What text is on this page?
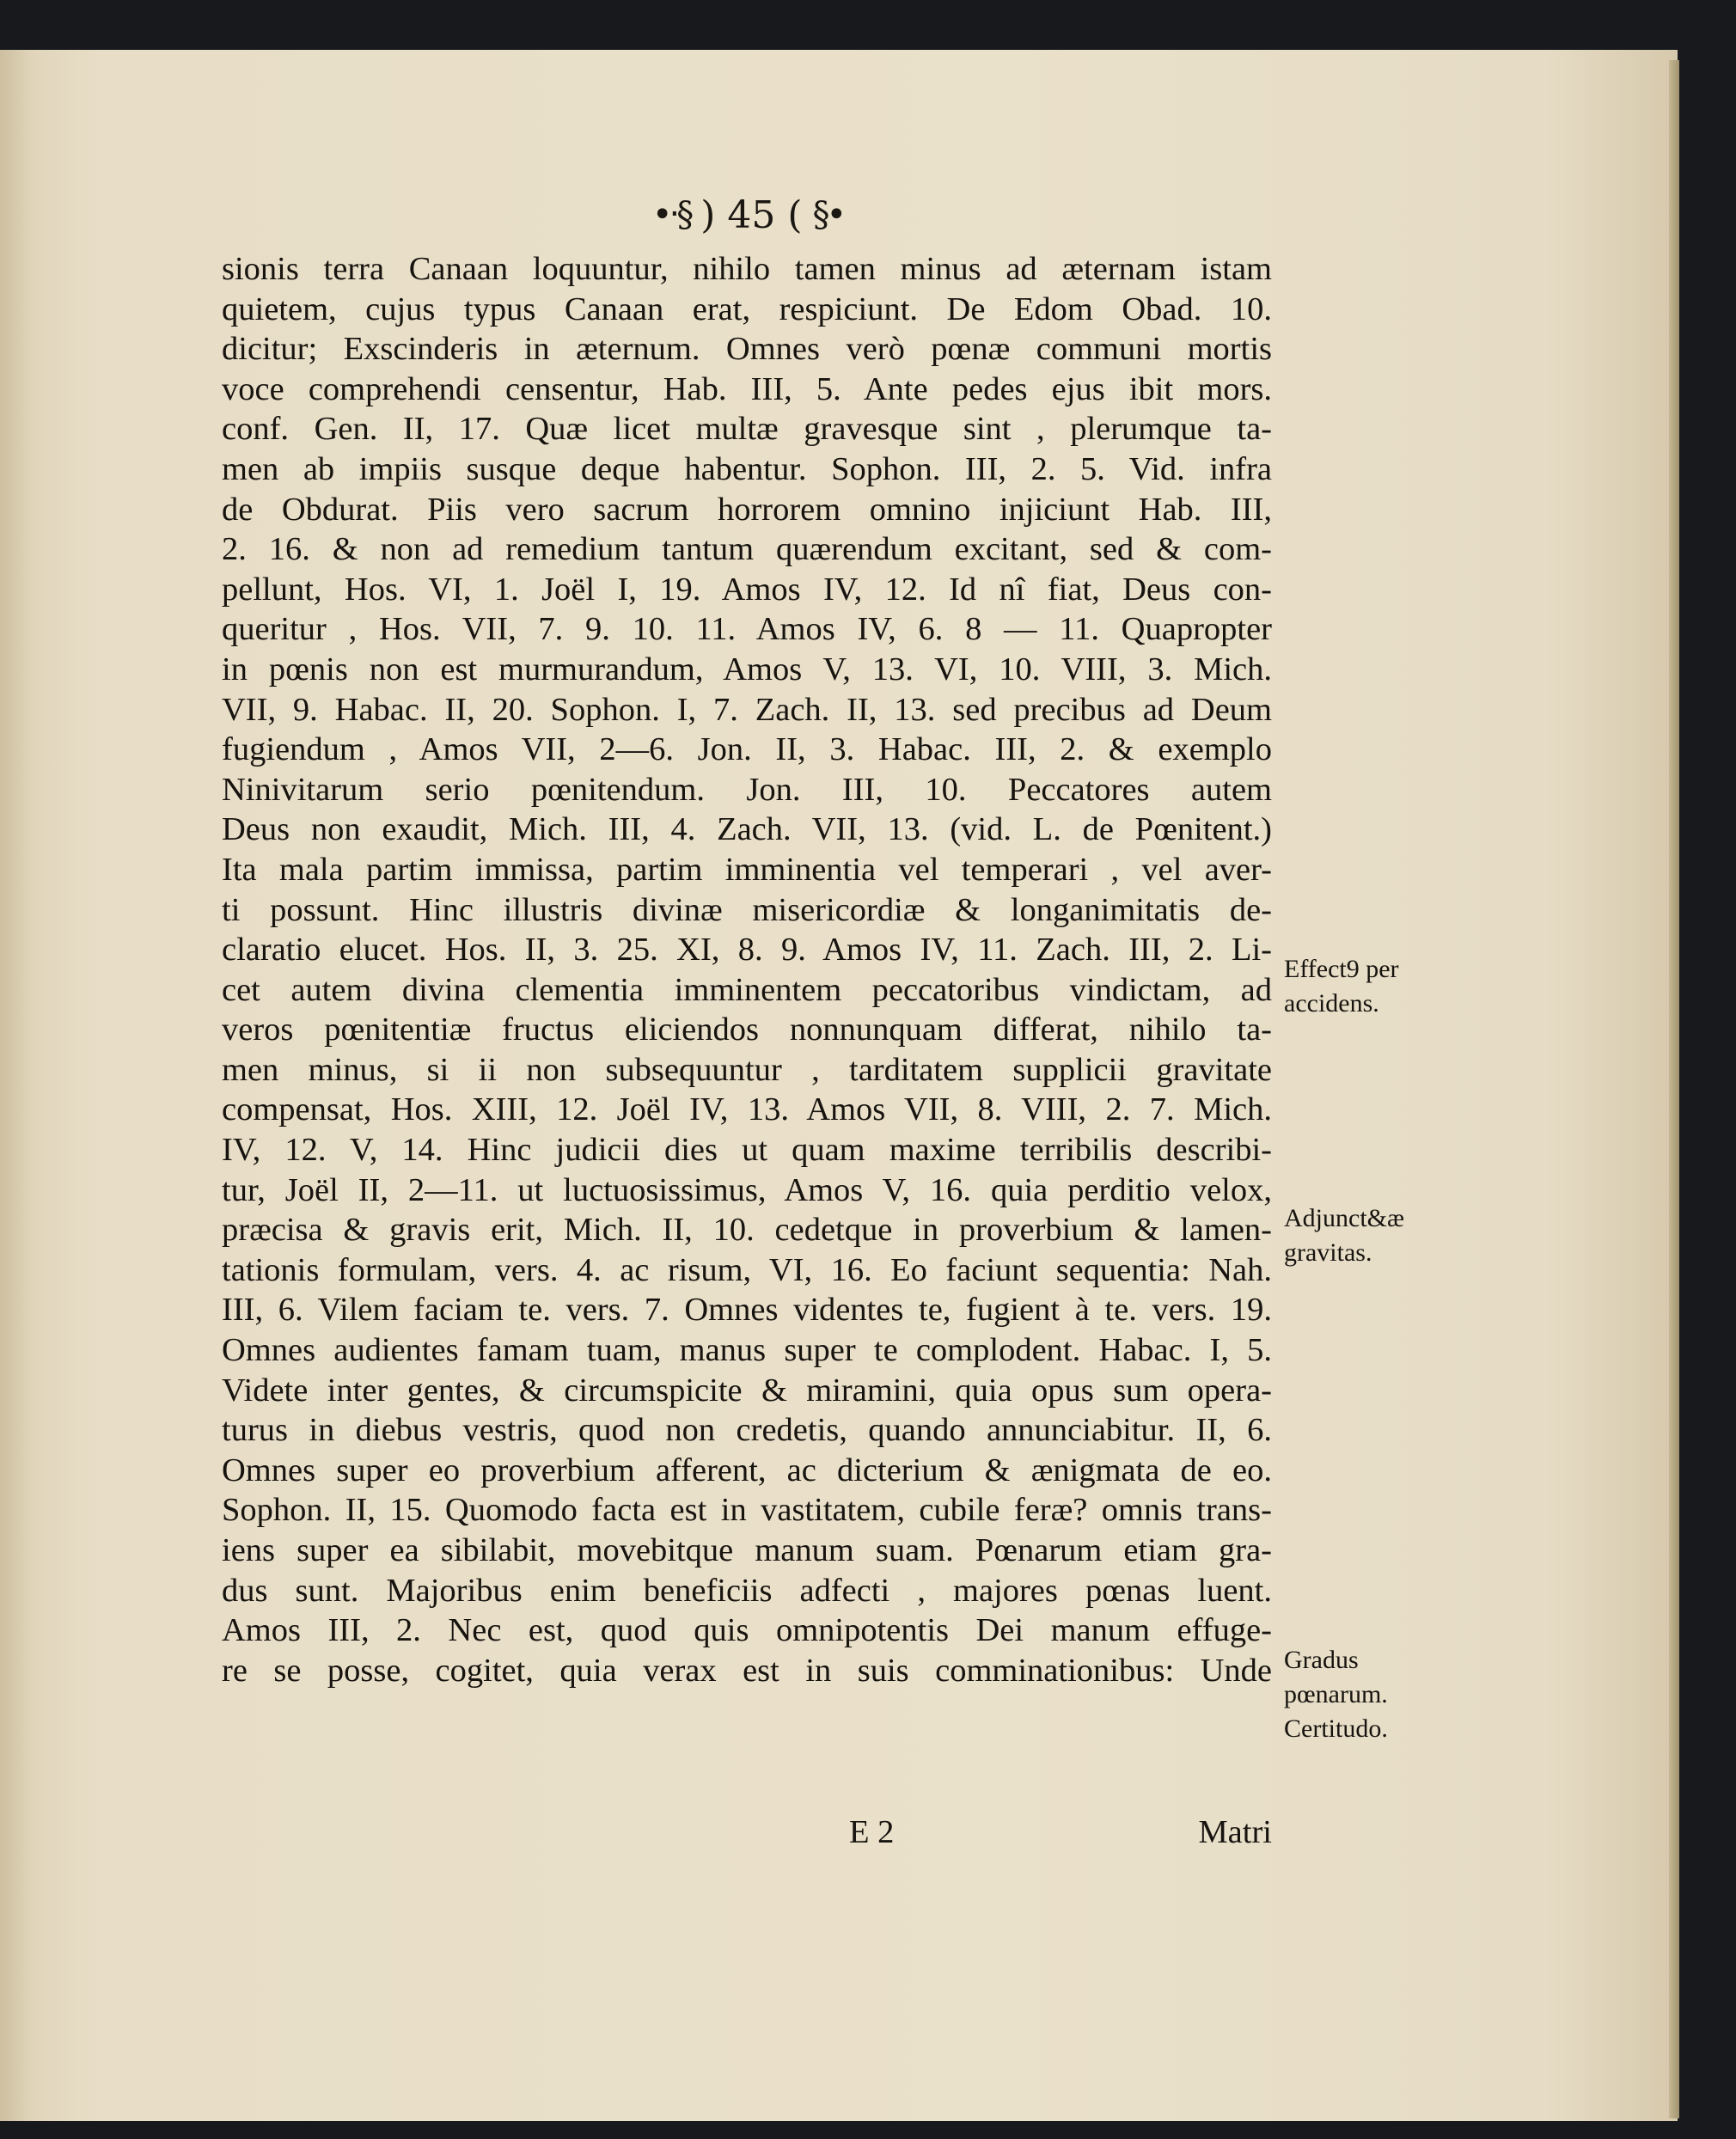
•‧§ ) 45 ( §•
sionis terra Canaan loquuntur, nihilo tamen minus ad æternam istam
quietem, cujus typus Canaan erat, respiciunt. De Edom Obad. 10.
dicitur; Exscinderis in æternum. Omnes verò pœnæ communi mortis
voce comprehendi censentur, Hab. III, 5. Ante pedes ejus ibit mors.
conf. Gen. II, 17. Quæ licet multæ gravesque sint , plerumque ta-
men ab impiis susque deque habentur. Sophon. III, 2. 5. Vid. infra
de Obdurat. Piis vero sacrum horrorem omnino injiciunt Hab. III,
2. 16. & non ad remedium tantum quærendum excitant, sed & com-
pellunt, Hos. VI, 1. Joël I, 19. Amos IV, 12. Id nî fiat, Deus con-
queritur , Hos. VII, 7. 9. 10. 11. Amos IV, 6. 8 — 11. Quapropter
in pœnis non est murmurandum, Amos V, 13. VI, 10. VIII, 3. Mich.
VII, 9. Habac. II, 20. Sophon. I, 7. Zach. II, 13. sed precibus ad Deum
fugiendum , Amos VII, 2—6. Jon. II, 3. Habac. III, 2. & exemplo
Ninivitarum serio pœnitendum. Jon. III, 10. Peccatores autem
Deus non exaudit, Mich. III, 4. Zach. VII, 13. (vid. L. de Pœnitent.)
Ita mala partim immissa, partim imminentia vel temperari , vel aver-
ti possunt. Hinc illustris divinæ misericordiæ & longanimitatis de-
claratio elucet. Hos. II, 3. 25. XI, 8. 9. Amos IV, 11. Zach. III, 2. Li-
cet autem divina clementia imminentem peccatoribus vindictam, ad
veros pœnitentiæ fructus eliciendos nonnunquam differat, nihilo ta-
men minus, si ii non subsequuntur , tarditatem supplicii gravitate
compensat, Hos. XIII, 12. Joël IV, 13. Amos VII, 8. VIII, 2. 7. Mich.
IV, 12. V, 14. Hinc judicii dies ut quam maxime terribilis describi-
tur, Joël II, 2—11. ut luctuosissimus, Amos V, 16. quia perditio velox,
præcisa & gravis erit, Mich. II, 10. cedetque in proverbium & lamen-
tationis formulam, vers. 4. ac risum, VI, 16. Eo faciunt sequentia: Nah.
III, 6. Vilem faciam te. vers. 7. Omnes videntes te, fugient à te. vers. 19.
Omnes audientes famam tuam, manus super te complodent. Habac. I, 5.
Videte inter gentes, & circumspicite & miramini, quia opus sum opera-
turus in diebus vestris, quod non credetis, quando annunciabitur. II, 6.
Omnes super eo proverbium afferent, ac dicterium & ænigmata de eo.
Sophon. II, 15. Quomodo facta est in vastitatem, cubile feræ? omnis trans-
iens super ea sibilabit, movebitque manum suam. Pœnarum etiam gra-
dus sunt. Majoribus enim beneficiis adfecti , majores pœnas luent.
Amos III, 2. Nec est, quod quis omnipotentis Dei manum effuge-
re se posse, cogitet, quia verax est in suis comminationibus: Unde
Effect9 per
accidens.
Adjunct&æ
gravitas.
Gradus
pœnarum.
Certitudo.
E 2	Matri
